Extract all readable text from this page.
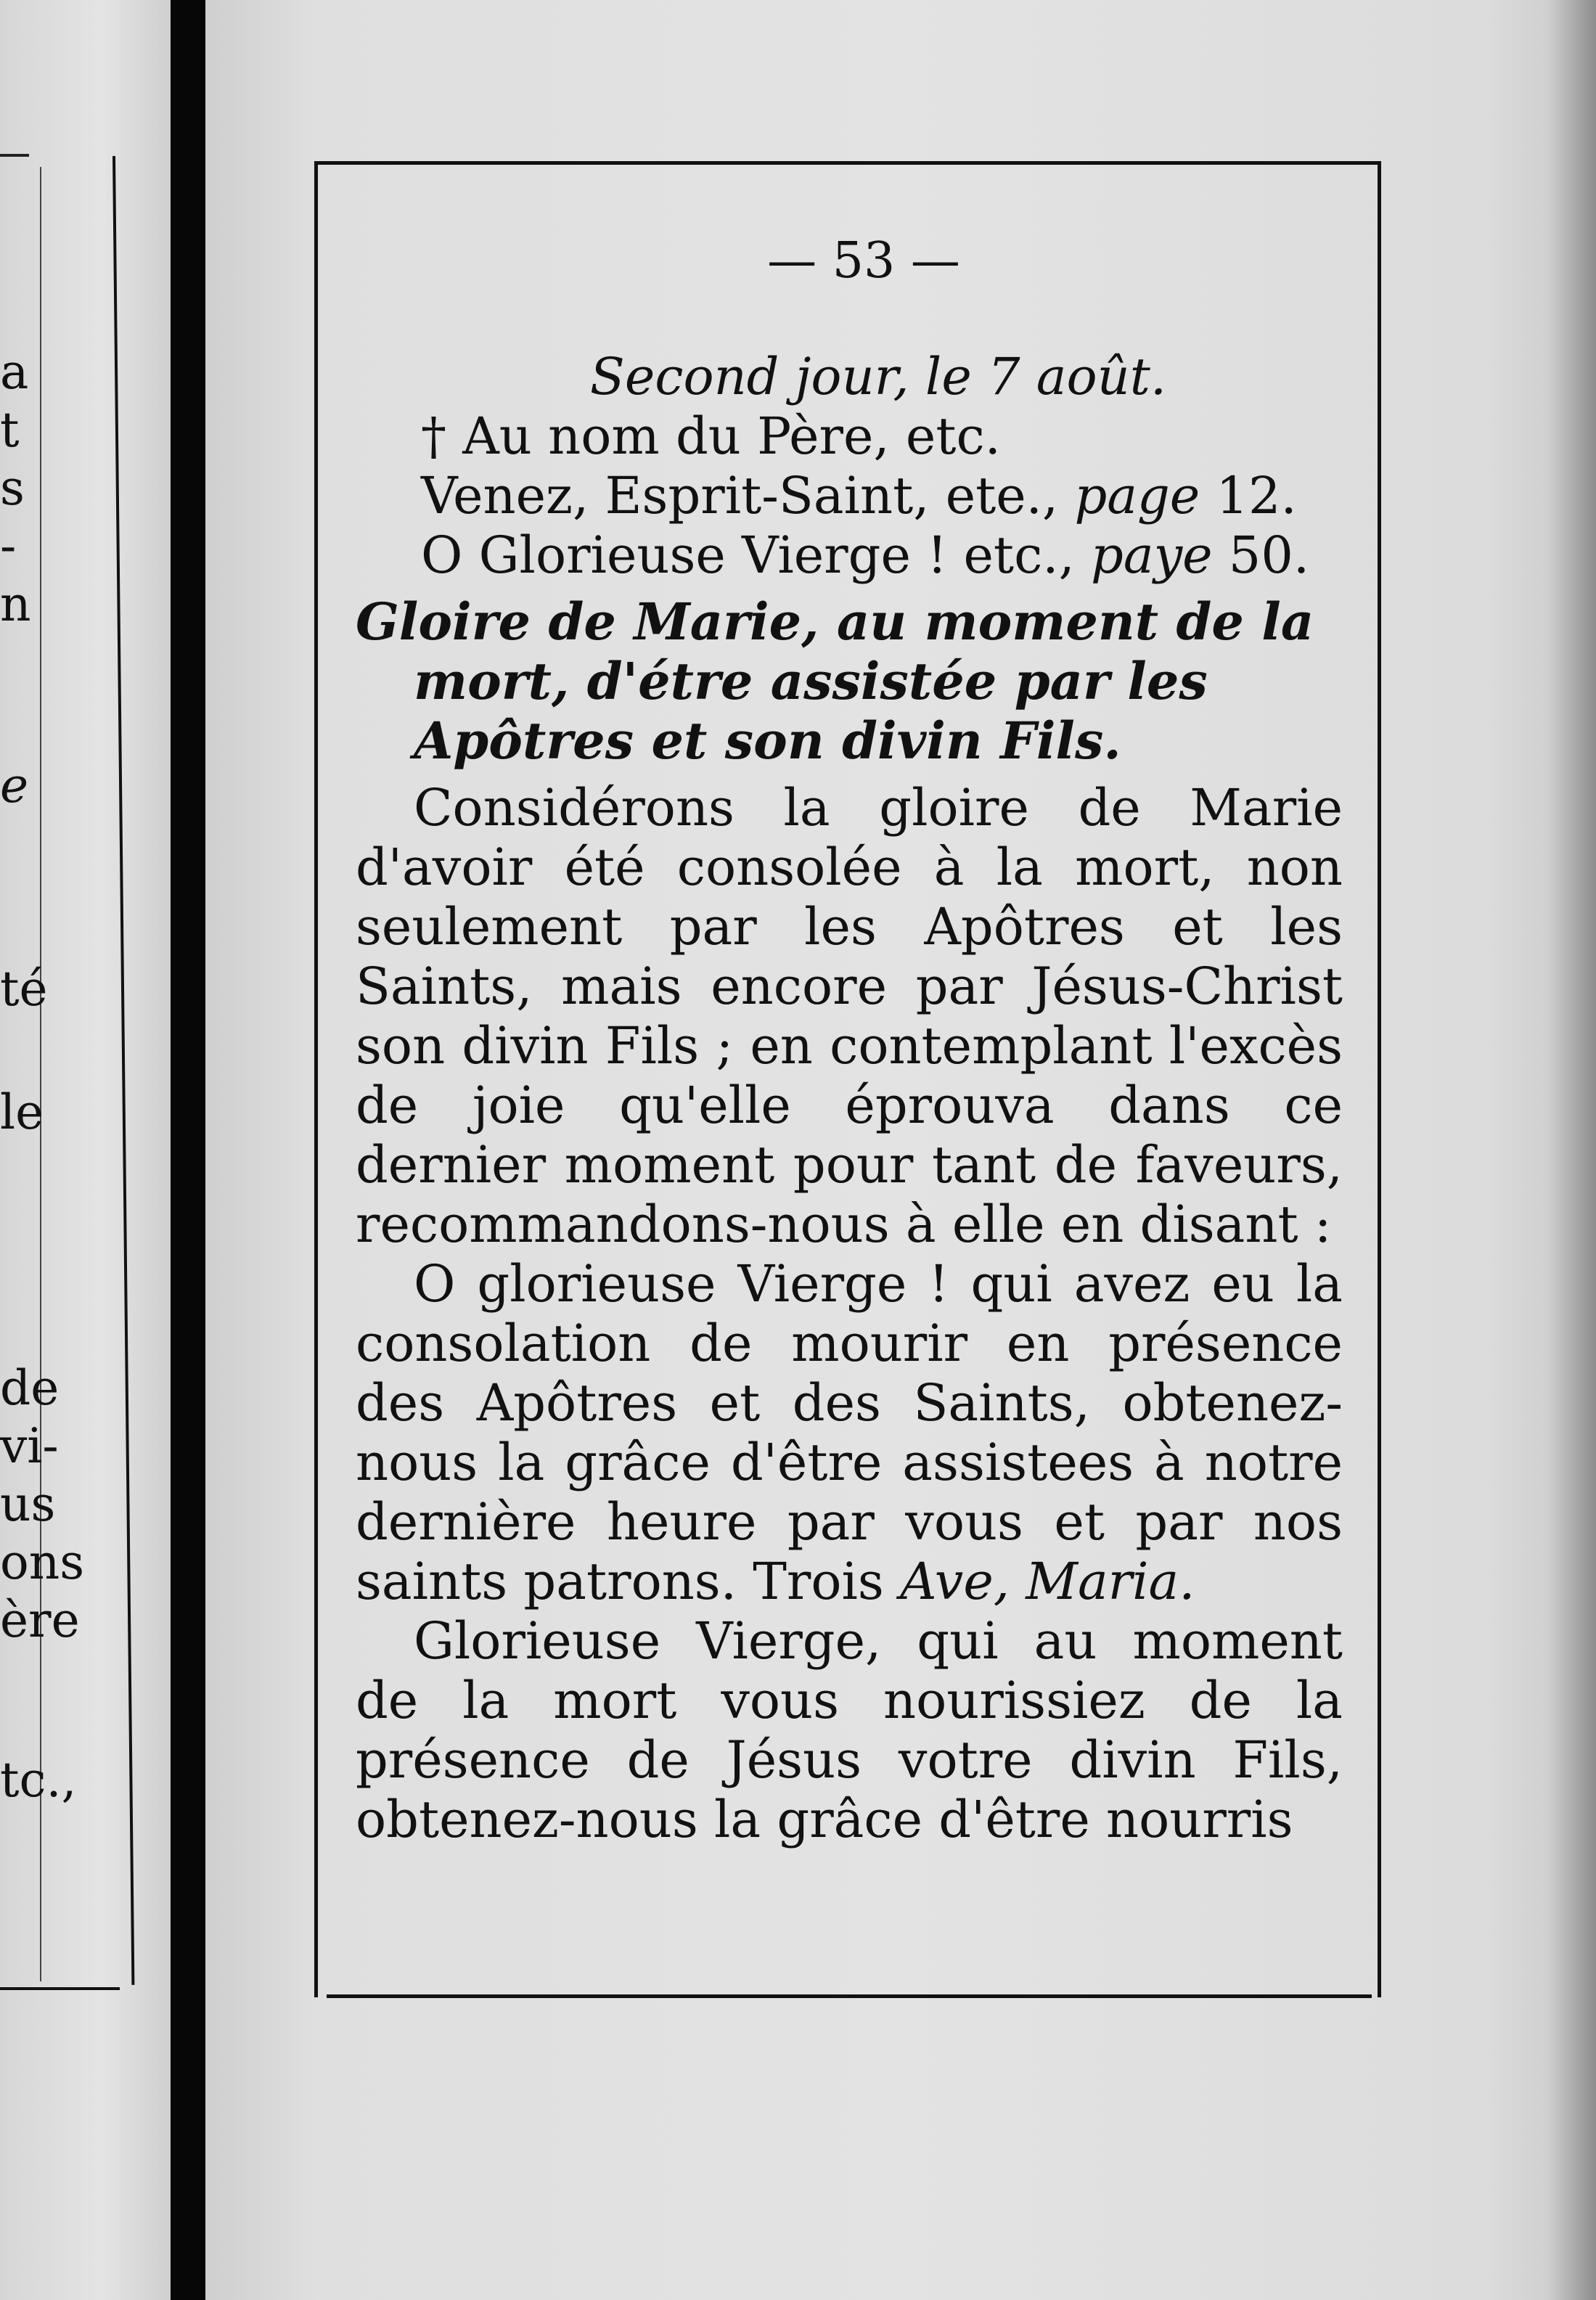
a
t
s
-
n
e
té
le
de
vi-
us
ons
ère
tc.,
— 53 —
Second jour, le 7 août.
† Au nom du Père, etc.
Venez, Esprit-Saint, ete., page 12.
O Glorieuse Vierge ! etc., paye 50.
Gloire de Marie, au moment de la
mort, d'étre assistée par les
Apôtres et son divin Fils.
Considérons la gloire de Marie d'avoir été consolée à la mort, non seulement par les Apôtres et les Saints, mais encore par Jésus-Christ son divin Fils ; en contemplant l'excès de joie qu'elle éprouva dans ce dernier moment pour tant de faveurs, recommandons-nous à elle en disant :
O glorieuse Vierge ! qui avez eu la consolation de mourir en présence des Apôtres et des Saints, obtenez-nous la grâce d'être assistees à notre dernière heure par vous et par nos saints patrons. Trois Ave, Maria.
Glorieuse Vierge, qui au moment de la mort vous nourissiez de la présence de Jésus votre divin Fils, obtenez-nous la grâce d'être nourris
